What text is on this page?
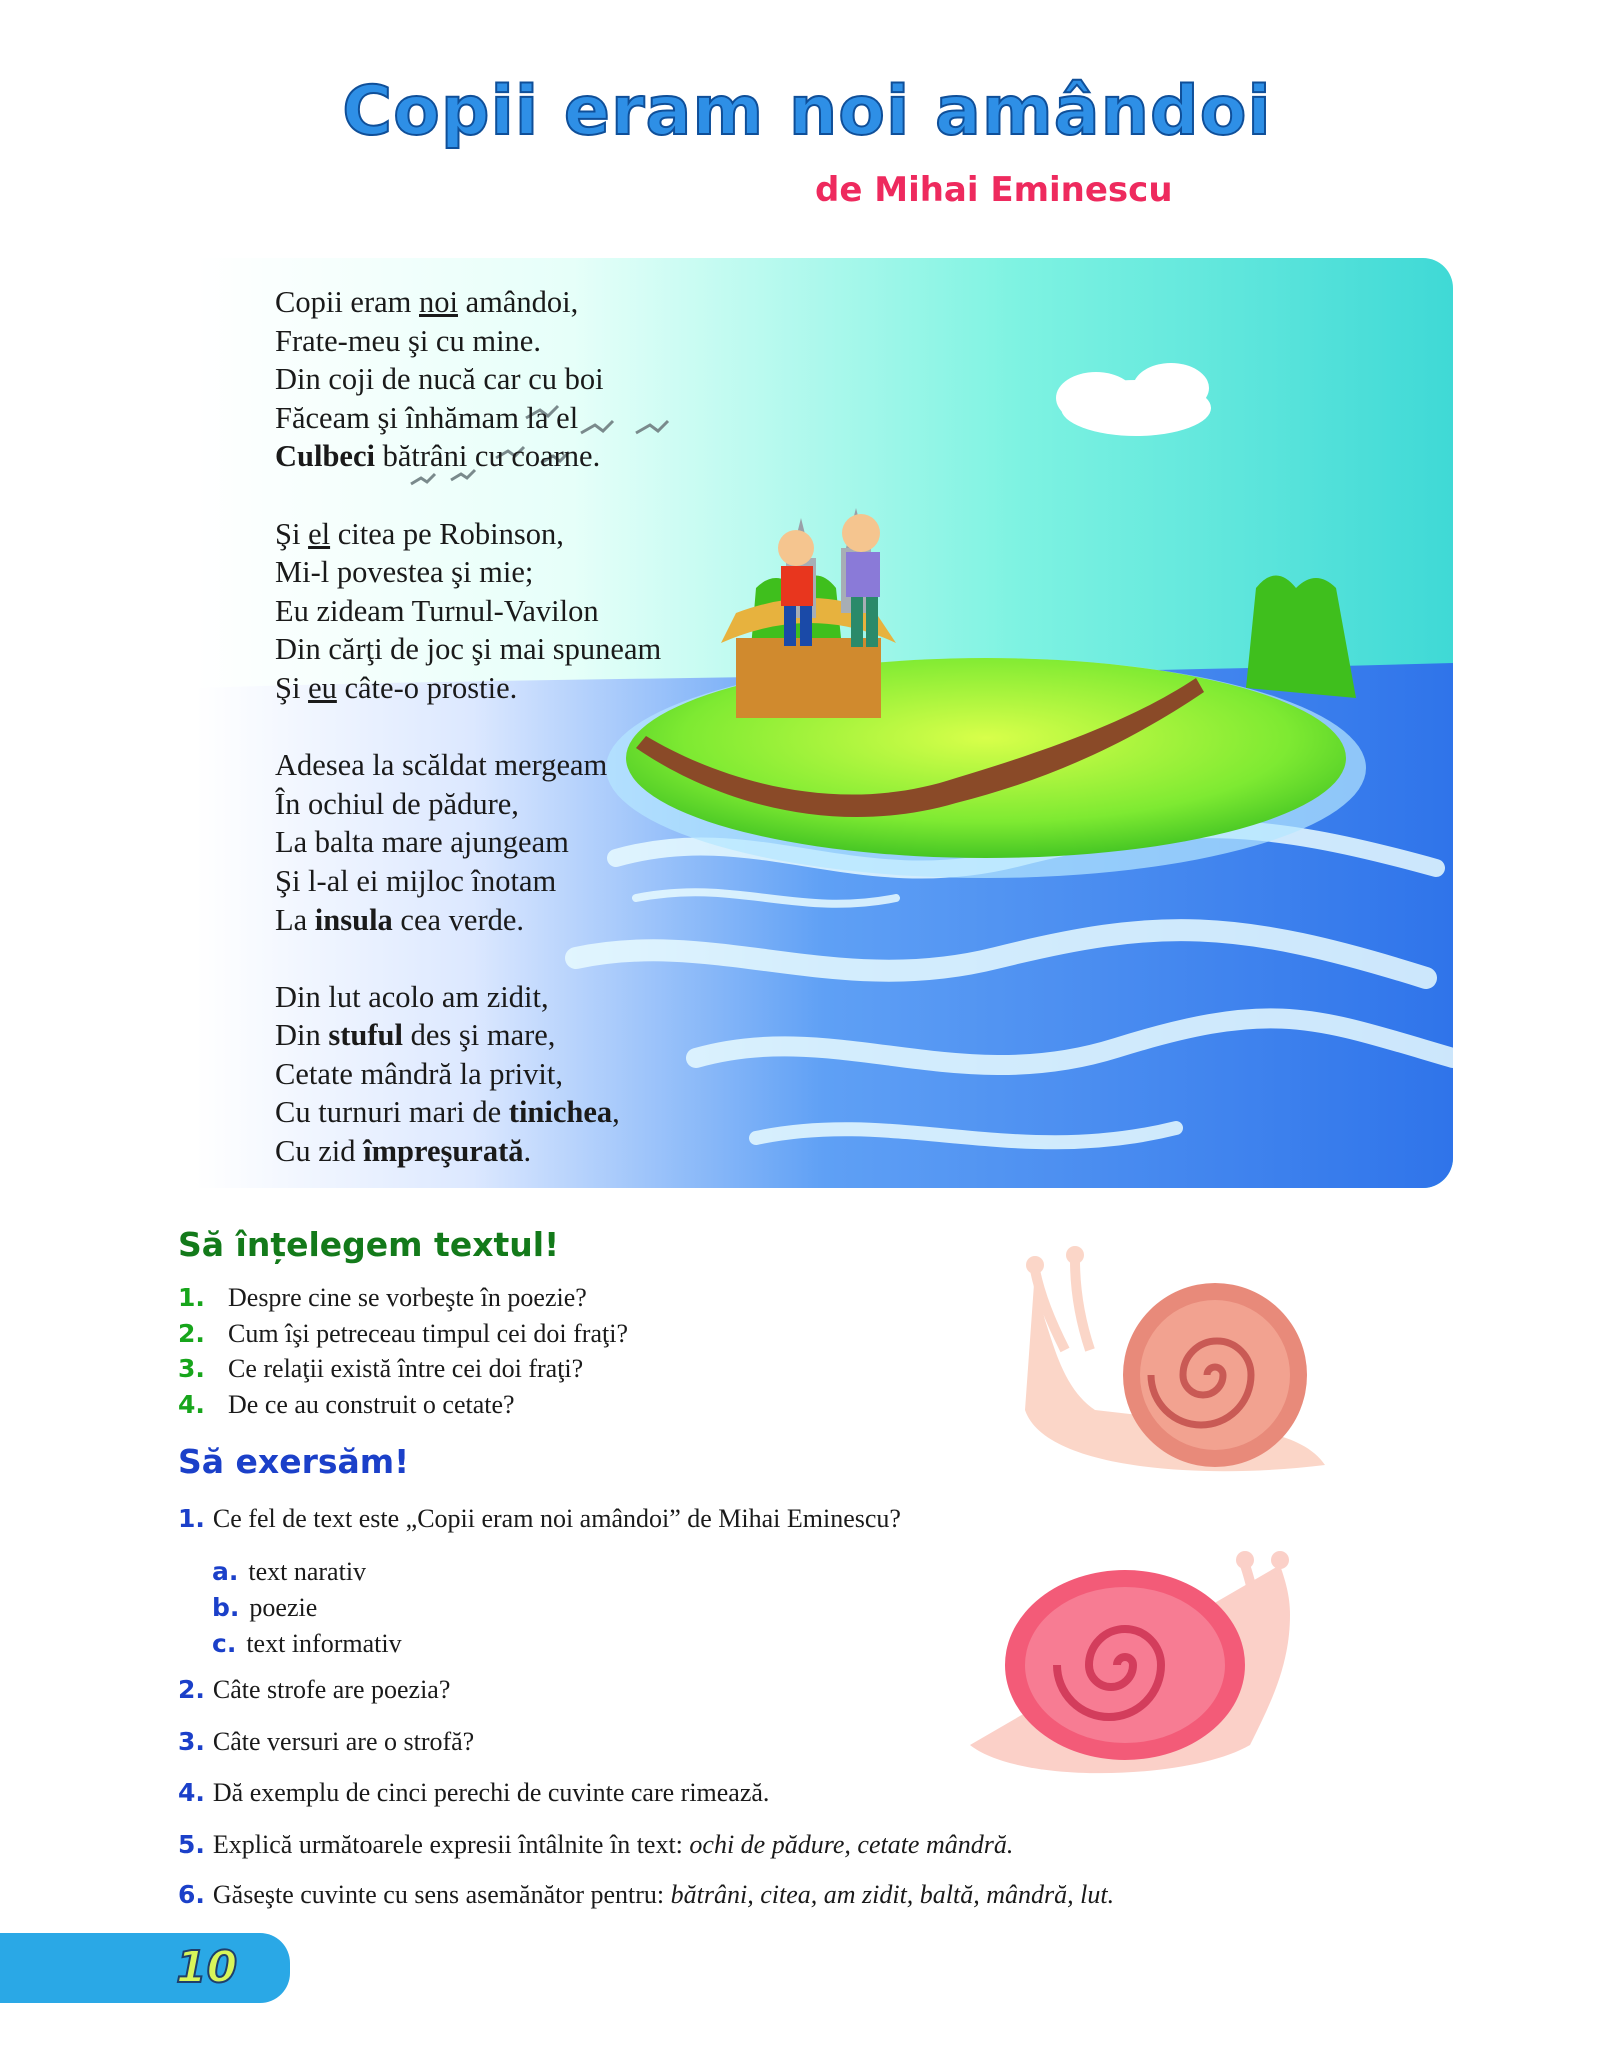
Copii eram noi amândoi
de Mihai Eminescu
Copii eram noi amândoi,
Frate-meu şi cu mine.
Din coji de nucă car cu boi
Făceam şi înhămam la el
Culbeci bătrâni cu coarne.
Şi el citea pe Robinson,
Mi-l povestea şi mie;
Eu zideam Turnul-Vavilon
Din cărţi de joc şi mai spuneam
Şi eu câte-o prostie.
Adesea la scăldat mergeam
În ochiul de pădure,
La balta mare ajungeam
Şi l-al ei mijloc înotam
La insula cea verde.
Din lut acolo am zidit,
Din stuful des şi mare,
Cetate mândră la privit,
Cu turnuri mari de tinichea,
Cu zid împreşurată.
Să înțelegem textul!
1. Despre cine se vorbeşte în poezie?
2. Cum îşi petreceau timpul cei doi fraţi?
3. Ce relaţii există între cei doi fraţi?
4. De ce au construit o cetate?
Să exersăm!
1. Ce fel de text este „Copii eram noi amândoi” de Mihai Eminescu?
a. text narativ
b. poezie
c. text informativ
2. Câte strofe are poezia?
3. Câte versuri are o strofă?
4. Dă exemplu de cinci perechi de cuvinte care rimează.
5. Explică următoarele expresii întâlnite în text: ochi de pădure, cetate mândră.
6. Găseşte cuvinte cu sens asemănător pentru: bătrâni, citea, am zidit, baltă, mândră, lut.
10
